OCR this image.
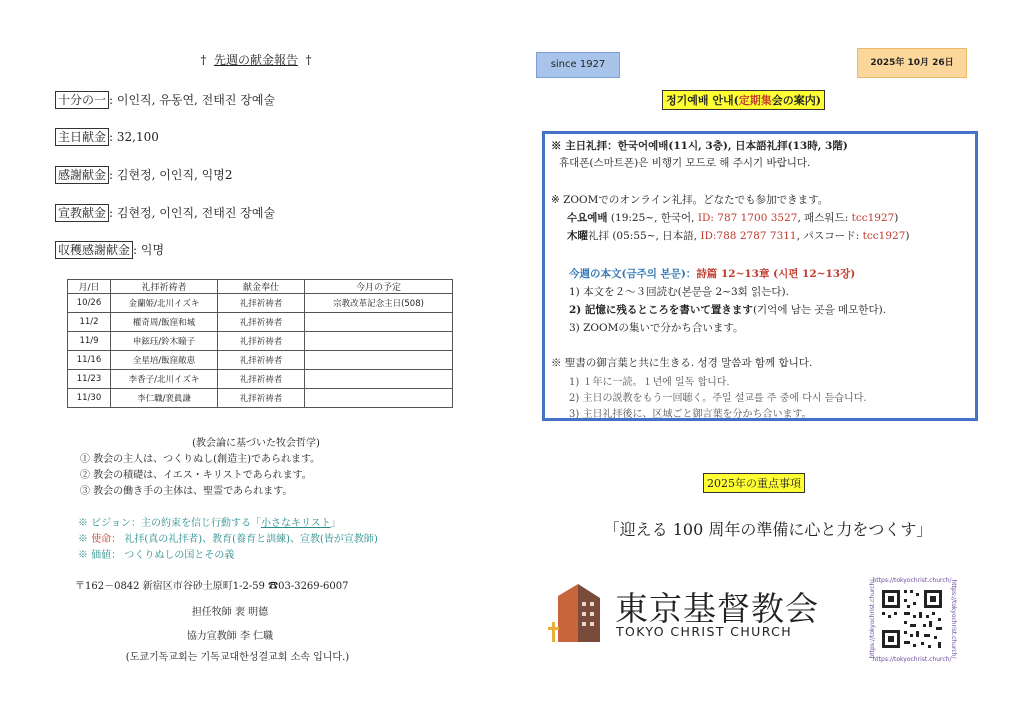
† 先週の献金報告 †
十分の一 : 이인직, 유동연, 전태진 장예술
主日献金 : 32,100
感謝献金 : 김현정, 이인직, 익명2
宣教献金 : 김현정, 이인직, 전태진 장예술
収穫感謝献金 : 익명
月/日	礼拝祈祷者	献金奉仕	今月の予定
10/26	金蘭姫/北川イズキ	礼拝祈祷者	宗教改革記念主日(508)
11/2	權奇周/飯窪和城	礼拝祈祷者	
11/9	申鉉珏/鈴木瞳子	礼拝祈祷者	
11/16	全星培/飯窪敞恵	礼拝祈祷者	
11/23	李香子/北川イズキ	礼拝祈祷者	
11/30	李仁職/裵眞謙	礼拝祈祷者	
(教会論に基づいた牧会哲学)
① 教会の主人は、つくりぬし(創造主)であられます。
② 教会の積礎は、イエス・キリストであられます。
③ 教会の働き手の主体は、聖霊であられます。
※ ビジョン：主の約束を信じ行動する「小さなキリスト」
※ 使命： 礼拝(真の礼拝者)、教育(養育と訓練)、宣教(皆が宣教師)
※ 価値： つくりぬしの国とその義
〒162－0842 新宿区市谷砂土原町1-2-59 ☎03-3269-6007
担任牧師 裵 明德
協力宣教師 李 仁職
(도쿄기독교회는 기독교대한성결교회 소속 입니다.)
since 1927	2025年 10月 26日
정기예배 안내(定期集会の案内)
※ 主日礼拝：한국어예배(11시, 3층), 日本語礼拝(13時, 3階)
휴대폰(스마트폰)은 비행기 모드로 해 주시기 바랍니다.
※ ZOOMでのオンライン礼拝。どなたでも参加できます。
수요예배 (19:25~, 한국어, ID: 787 1700 3527, 패스워드: tcc1927)
木曜礼拝 (05:55~, 日本語, ID:788 2787 7311, パスコード: tcc1927)
今週の本文(금주의 본문)：詩篇 12~13章 (시편 12~13장)
1) 本文を２～３回読む(본문을 2~3회 읽는다).
2) 記憶に残るところを書いて置きます(기억에 남는 곳을 메모한다).
3) ZOOMの集いで分かち合います。
※ 聖書の御言葉と共に生きる. 성경 말씀과 함께 합니다.
1) １年に一読。１년에 일독 합니다.
2) 主日の説教をもう一回聴く。주일 설교를 주 중에 다시 듣습니다.
3) 主日礼拝後に、区域ごと御言葉を分かち合います。
2025年の重点事項
「迎える 100 周年の準備に心と力をつくす」
東京基督教会
TOKYO CHRIST CHURCH
https://tokyochrist.church/
https://tokyochrist.church/
https://tokyochrist.church/	https://tokyochrist.church/
